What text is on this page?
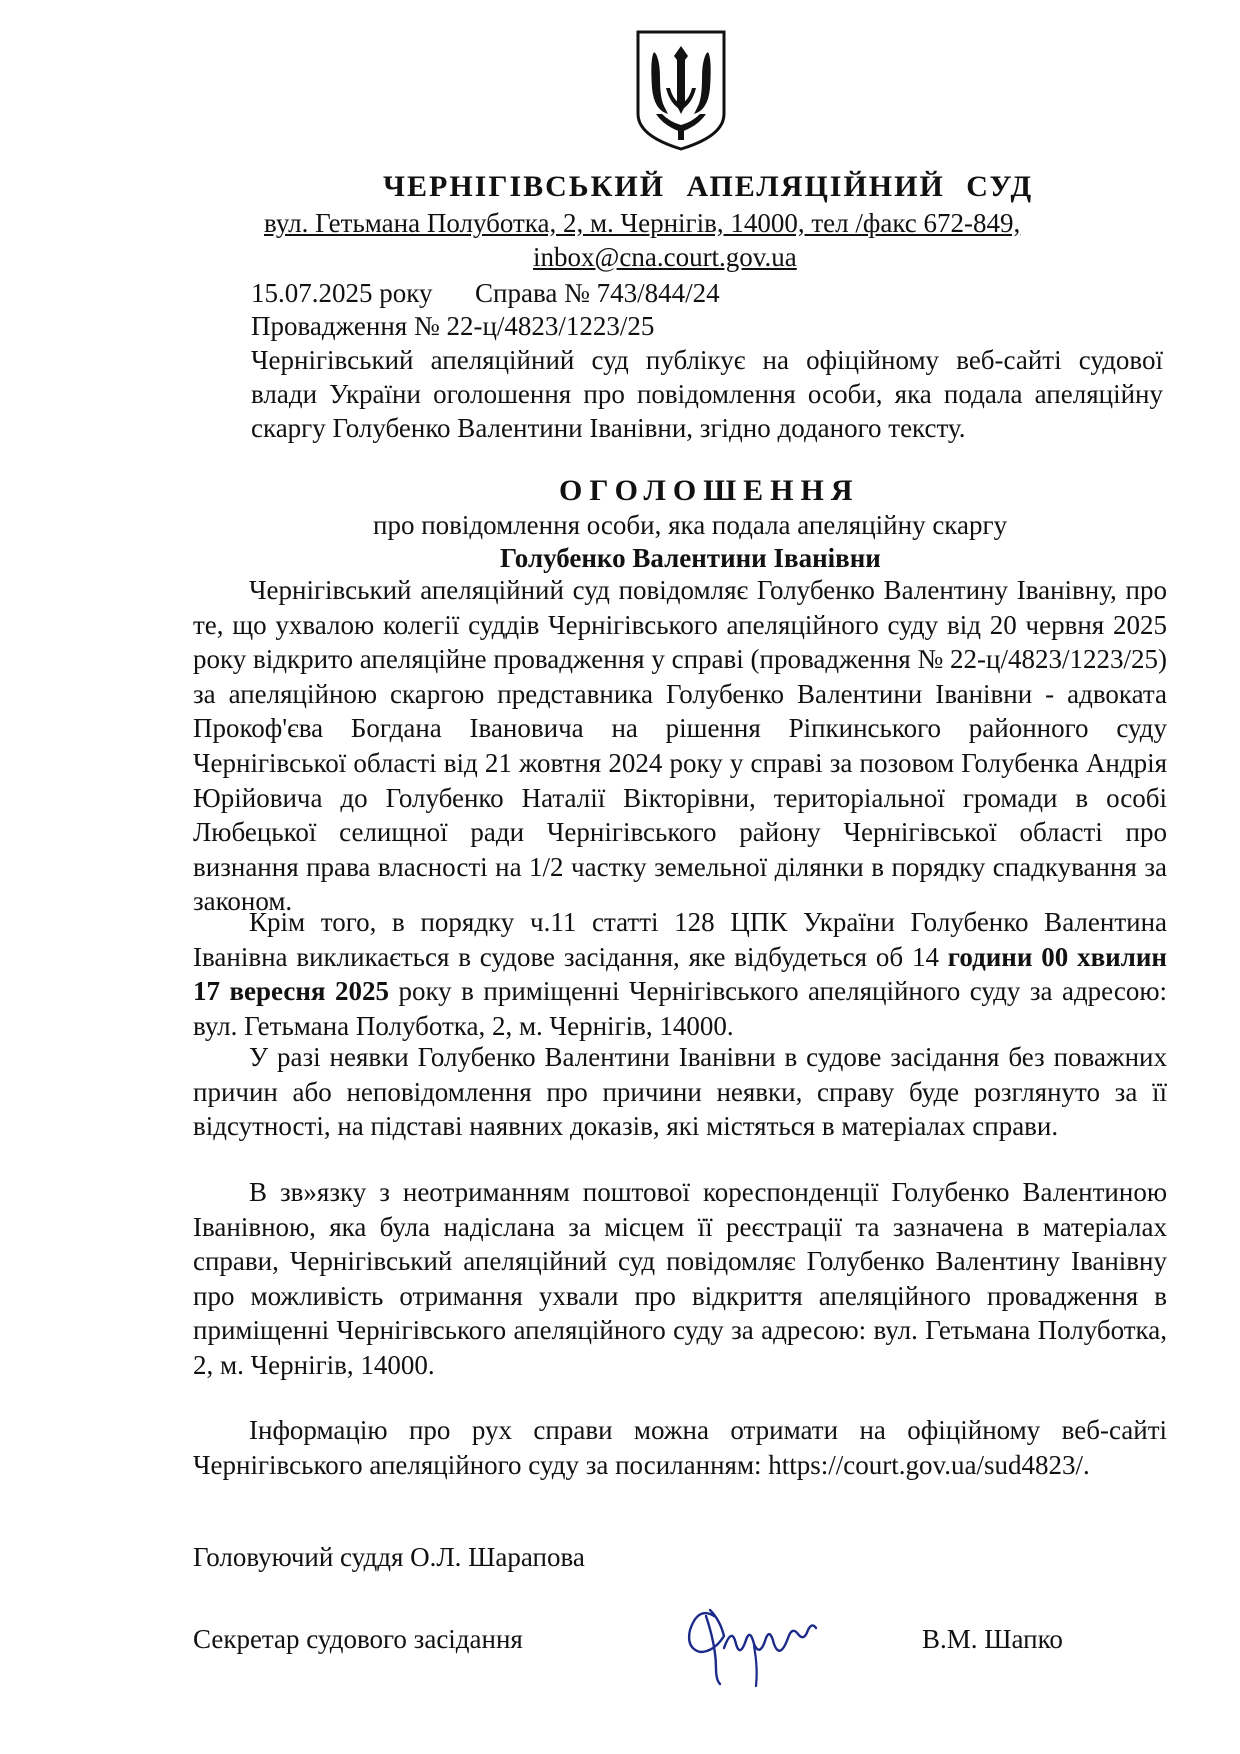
ЧЕРНІГІВСЬКИЙ АПЕЛЯЦІЙНИЙ СУД
вул. Гетьмана Полуботка, 2, м. Чернігів, 14000, тел /факс 672-849,
inbox@cna.court.gov.ua
15.07.2025 року Справа № 743/844/24
Провадження № 22-ц/4823/1223/25
Чернігівський апеляційний суд публікує на офіційному веб-сайті судової
влади України оголошення про повідомлення особи, яка подала апеляційну
скаргу Голубенко Валентини Іванівни, згідно доданого тексту.
ОГОЛОШЕННЯ
про повідомлення особи, яка подала апеляційну скаргу
Голубенко Валентини Іванівни
Чернігівський апеляційний суд повідомляє Голубенко Валентину Іванівну, про те, що ухвалою колегії суддів Чернігівського апеляційного суду від 20 червня 2025 року відкрито апеляційне провадження у справі (провадження № 22-ц/4823/1223/25) за апеляційною скаргою представника Голубенко Валентини Іванівни - адвоката Прокоф'єва Богдана Івановича на рішення Ріпкинського районного суду Чернігівської області від 21 жовтня 2024 року у справі за позовом Голубенка Андрія Юрійовича до Голубенко Наталії Вікторівни, територіальної громади в особі Любецької селищної ради Чернігівського району Чернігівської області про визнання права власності на 1/2 частку земельної ділянки в порядку спадкування за законом.
Крім того, в порядку ч.11 статті 128 ЦПК України Голубенко Валентина Іванівна викликається в судове засідання, яке відбудеться об 14 години 00 хвилин 17 вересня 2025 року в приміщенні Чернігівського апеляційного суду за адресою: вул. Гетьмана Полуботка, 2, м. Чернігів, 14000.
У разі неявки Голубенко Валентини Іванівни в судове засідання без поважних причин або неповідомлення про причини неявки, справу буде розглянуто за її відсутності, на підставі наявних доказів, які містяться в матеріалах справи.
В зв»язку з неотриманням поштової кореспонденції Голубенко Валентиною Іванівною, яка була надіслана за місцем її реєстрації та зазначена в матеріалах справи, Чернігівський апеляційний суд повідомляє Голубенко Валентину Іванівну про можливість отримання ухвали про відкриття апеляційного провадження в приміщенні Чернігівського апеляційного суду за адресою: вул. Гетьмана Полуботка, 2, м. Чернігів, 14000.
Інформацію про рух справи можна отримати на офіційному веб-сайті Чернігівського апеляційного суду за посиланням: https://court.gov.ua/sud4823/.
Головуючий суддя О.Л. Шарапова
Секретар судового засідання	В.М. Шапко
